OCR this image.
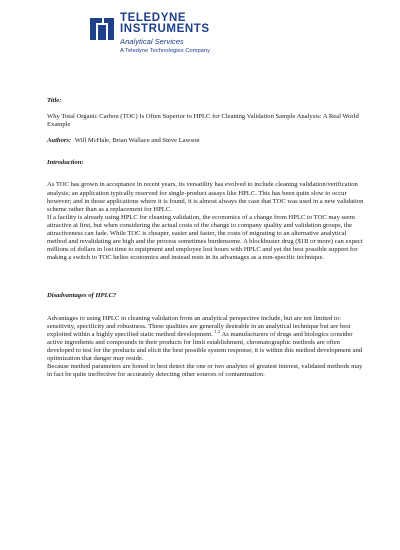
TELEDYNE
INSTRUMENTS
Analytical Services
A Teledyne Technologies Company
Title:

Why Total Organic Carbon (TOC) Is Often Superior to HPLC for Cleaning Validation Sample Analysis: A Real World Example

Authors: Will McHale, Brian Wallace and Steve Lawson

Introduction:

As TOC has grown in acceptance in recent years, its versatility has evolved to include cleaning validation/verification analysis; an application typically reserved for single-product assays like HPLC. This has been quite slow to occur however; and in those applications where it is found, it is almost always the case that TOC was used in a new validation scheme rather than as a replacement for HPLC.

If a facility is already using HPLC for cleaning validation, the economics of a change from HPLC to TOC may seem attractive at first, but when considering the actual costs of the change to company quality and validation groups, the attractiveness can fade. While TOC is cheaper, easier and faster, the costs of migrating to an alternative analytical method and revalidating are high and the process sometimes burdensome. A blockbuster drug ($1B or more) can expect millions of dollars in lost time to equipment and employee lost hours with HPLC and yet the best possible support for making a switch to TOC belies economics and instead rests in its advantages as a non-specific technique.

Disadvantages of HPLC?

Advantages to using HPLC in cleaning validation from an analytical perspective include, but are not limited to: sensitivity, specificity and robustness. These qualities are generally desirable in an analytical technique but are best exploited within a highly specified static method development. $^{1,2}$ As manufacturers of drugs and biologics consider active ingredients and compounds in their products for limit establishment, chromatographic methods are often developed to test for the products and elicit the best possible system response; it is within this method development and optimization that danger may reside.

Because method parameters are honed to best detect the one or two analytes of greatest interest, validated methods may in fact be quite ineffective for accurately detecting other sources of contamination.
